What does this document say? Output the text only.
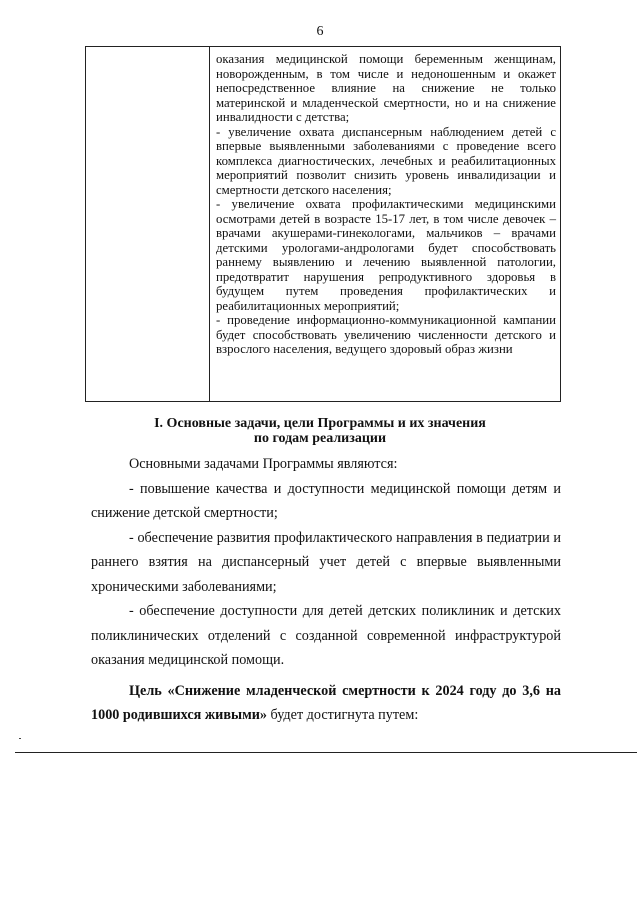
6

оказания медицинской помощи беременным женщинам, новорожденным, в том числе и недоношенным и окажет непосредственное влияние на снижение не только материнской и младенческой смертности, но и на снижение инвалидности с детства;

- увеличение охвата диспансерным наблюдением детей с впервые выявленными заболеваниями с проведение всего комплекса диагностических, лечебных и реабилитационных мероприятий позволит снизить уровень инвалидизации и смертности детского населения;

- увеличение охвата профилактическими медицинскими осмотрами детей в возрасте 15-17 лет, в том числе девочек – врачами акушерами-гинекологами, мальчиков – врачами детскими урологами-андрологами будет способствовать раннему выявлению и лечению выявленной патологии, предотвратит нарушения репродуктивного здоровья в будущем путем проведения профилактических и реабилитационных мероприятий;

- проведение информационно-коммуникационной кампании будет способствовать увеличению численности детского и взрослого населения, ведущего здоровый образ жизни

I. Основные задачи, цели Программы и их значения
по годам реализации

Основными задачами Программы являются:

- повышение качества и доступности медицинской помощи детям и снижение детской смертности;

- обеспечение развития профилактического направления в педиатрии и раннего взятия на диспансерный учет детей с впервые выявленными хроническими заболеваниями;

- обеспечение доступности для детей детских поликлиник и детских поликлинических отделений с созданной современной инфраструктурой оказания медицинской помощи.

Цель «Снижение младенческой смертности к 2024 году до 3,6 на 1000 родившихся живыми» будет достигнута путем:
